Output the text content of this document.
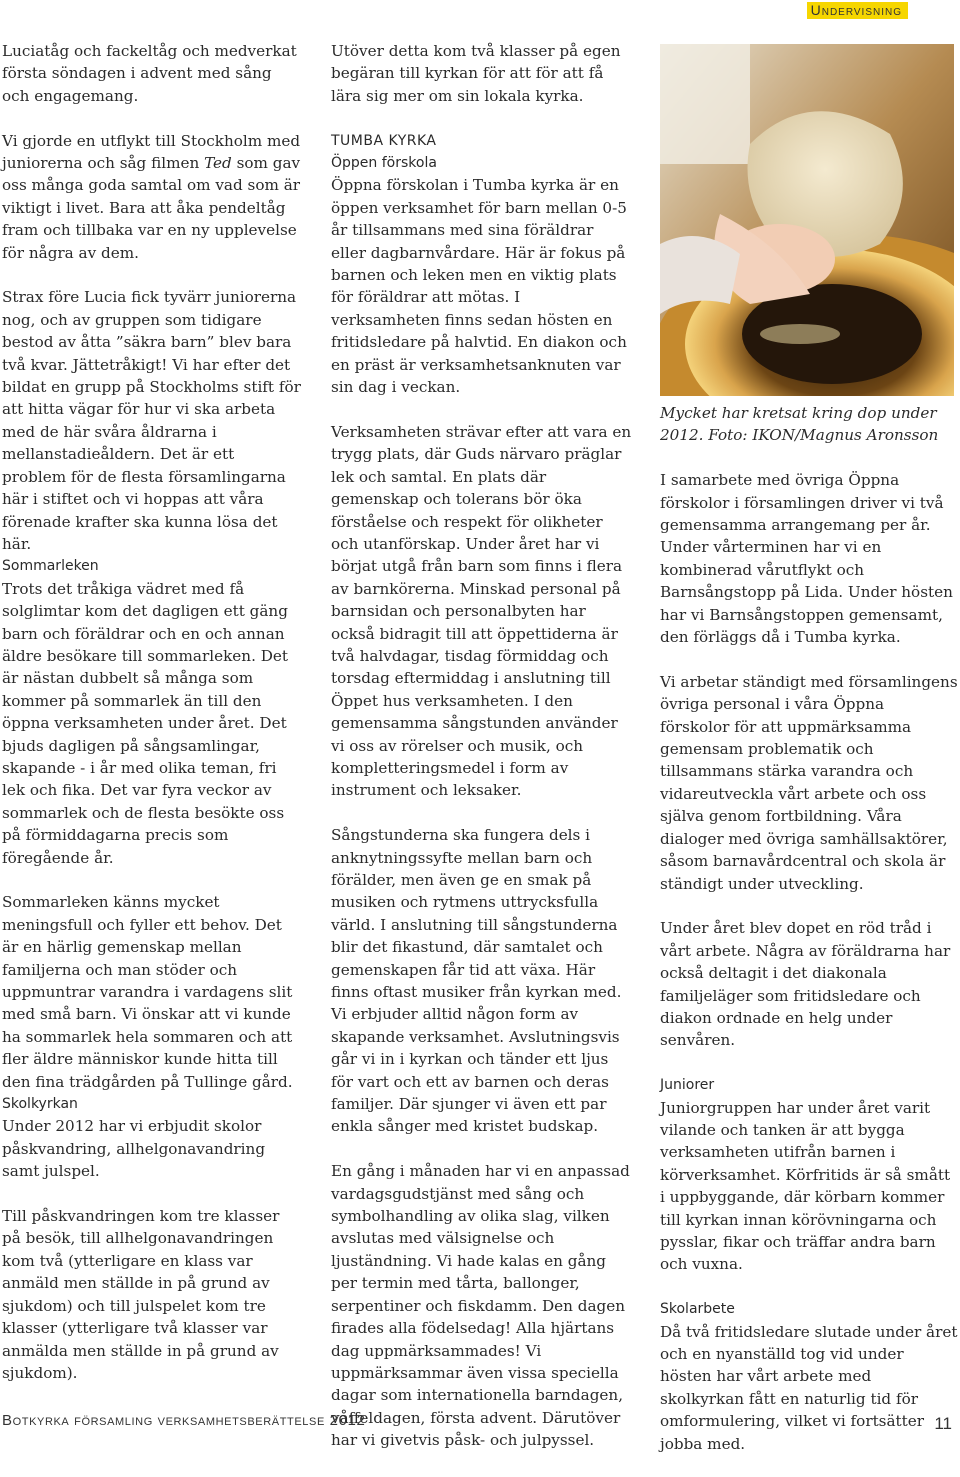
Undervisning

Luciatåg och fackeltåg och medverkat första söndagen i advent med sång och engagemang.

Vi gjorde en utflykt till Stockholm med juniorerna och såg filmen Ted som gav oss många goda samtal om vad som är viktigt i livet. Bara att åka pendeltåg fram och tillbaka var en ny upplevelse för några av dem.

Strax före Lucia fick tyvärr juniorerna nog, och av gruppen som tidigare bestod av åtta ”säkra barn” blev bara två kvar. Jättetråkigt! Vi har efter det bildat en grupp på Stockholms stift för att hitta vägar för hur vi ska arbeta med de här svåra åldrarna i mellanstadieåldern. Det är ett problem för de flesta församlingarna här i stiftet och vi hoppas att våra förenade krafter ska kunna lösa det här.

Sommarleken

Trots det tråkiga vädret med få solglimtar kom det dagligen ett gäng barn och föräldrar och en och annan äldre besökare till sommarleken. Det är nästan dubbelt så många som kommer på sommarlek än till den öppna verksamheten under året. Det bjuds dagligen på sångsamlingar, skapande - i år med olika teman, fri lek och fika. Det var fyra veckor av sommarlek och de flesta besökte oss på förmiddagarna precis som föregående år.

Sommarleken känns mycket meningsfull och fyller ett behov. Det är en härlig gemenskap mellan familjerna och man stöder och uppmuntrar varandra i vardagens slit med små barn. Vi önskar att vi kunde ha sommarlek hela sommaren och att fler äldre människor kunde hitta till den fina trädgården på Tullinge gård.

Skolkyrkan

Under 2012 har vi erbjudit skolor påskvandring, allhelgonavandring samt julspel.

Till påskvandringen kom tre klasser på besök, till allhelgonavandringen kom två (ytterligare en klass var anmäld men ställde in på grund av sjukdom) och till julspelet kom tre klasser (ytterligare två klasser var anmälda men ställde in på grund av sjukdom).

Utöver detta kom två klasser på egen begäran till kyrkan för att för att få lära sig mer om sin lokala kyrka.

TUMBA KYRKA
Öppen förskola

Öppna förskolan i Tumba kyrka är en öppen verksamhet för barn mellan 0-5 år tillsammans med sina föräldrar eller dagbarnvårdare. Här är fokus på barnen och leken men en viktig plats för föräldrar att mötas. I verksamheten finns sedan hösten en fritidsledare på halvtid. En diakon och en präst är verksamhetsanknuten var sin dag i veckan.

Verksamheten strävar efter att vara en trygg plats, där Guds närvaro präglar lek och samtal. En plats där gemenskap och tolerans bör öka förståelse och respekt för olikheter och utanförskap. Under året har vi börjat utgå från barn som finns i flera av barnkörerna. Minskad personal på barnsidan och personalbyten har också bidragit till att öppettiderna är två halvdagar, tisdag förmiddag och torsdag eftermiddag i anslutning till Öppet hus verksamheten. I den gemensamma sångstunden använder vi oss av rörelser och musik, och kompletteringsmedel i form av instrument och leksaker.

Sångstunderna ska fungera dels i anknytningssyfte mellan barn och förälder, men även ge en smak på musiken och rytmens uttrycksfulla värld. I anslutning till sångstunderna blir det fikastund, där samtalet och gemenskapen får tid att växa. Här finns oftast musiker från kyrkan med. Vi erbjuder alltid någon form av skapande verksamhet. Avslutningsvis går vi in i kyrkan och tänder ett ljus för vart och ett av barnen och deras familjer. Där sjunger vi även ett par enkla sånger med kristet budskap.

En gång i månaden har vi en anpassad vardagsgudstjänst med sång och symbolhandling av olika slag, vilken avslutas med välsignelse och ljuständning. Vi hade kalas en gång per termin med tårta, ballonger, serpentiner och fiskdamm. Den dagen firades alla födelsedag! Alla hjärtans dag uppmärksammades! Vi uppmärksammar även vissa speciella dagar som internationella barndagen, våffeldagen, första advent. Därutöver har vi givetvis påsk- och julpyssel.

Mycket har kretsat kring dop under 2012. Foto: IKON/Magnus Aronsson

I samarbete med övriga Öppna förskolor i församlingen driver vi två gemensamma arrangemang per år. Under vårterminen har vi en kombinerad vårutflykt och Barnsångstopp på Lida. Under hösten har vi Barnsångstoppen gemensamt, den förläggs då i Tumba kyrka.

Vi arbetar ständigt med församlingens övriga personal i våra Öppna förskolor för att uppmärksamma gemensam problematik och tillsammans stärka varandra och vidareutveckla vårt arbete och oss själva genom fortbildning. Våra dialoger med övriga samhällsaktörer, såsom barnavårdcentral och skola är ständigt under utveckling.

Under året blev dopet en röd tråd i vårt arbete. Några av föräldrarna har också deltagit i det diakonala familjeläger som fritidsledare och diakon ordnade en helg under senvåren.

Juniorer

Juniorgruppen har under året varit vilande och tanken är att bygga verksamheten utifrån barnen i körverksamhet. Körfritids är så smått i uppbyggande, där körbarn kommer till kyrkan innan körövningarna och pysslar, fikar och träffar andra barn och vuxna.

Skolarbete

Då två fritidsledare slutade under året och en nyanställd tog vid under hösten har vårt arbete med skolkyrkan fått en naturlig tid för omformulering, vilket vi fortsätter jobba med.

Botkyrka församling verksamhetsberättelse 2012	11
